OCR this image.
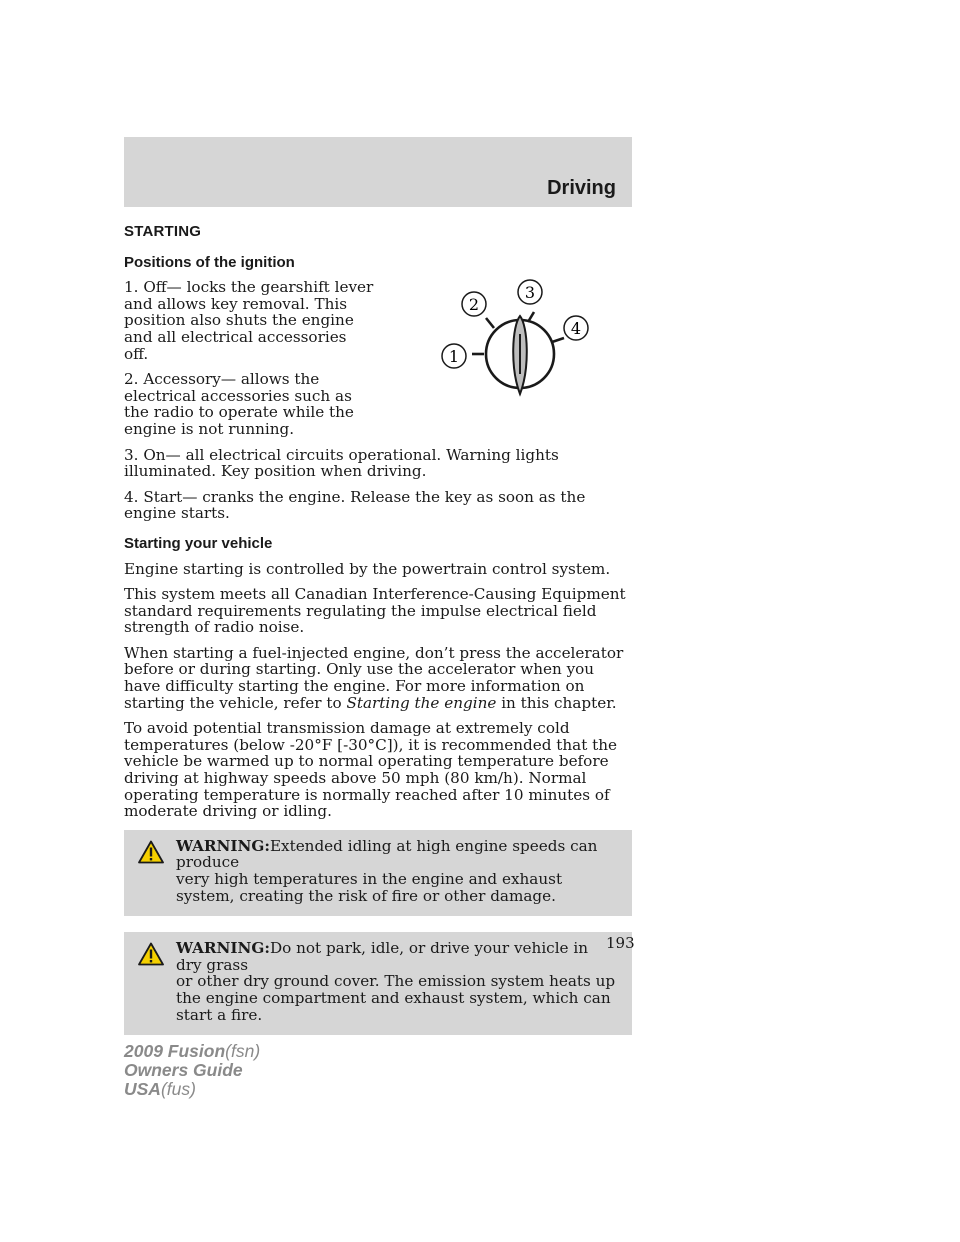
Driving
STARTING
Positions of the ignition

1. Off— locks the gearshift lever and allows key removal. This position also shuts the engine and all electrical accessories off.

2. Accessory— allows the electrical accessories such as the radio to operate while the engine is not running.

3. On— all electrical circuits operational. Warning lights illuminated. Key position when driving.

4. Start— cranks the engine. Release the key as soon as the engine starts.

Starting your vehicle

Engine starting is controlled by the powertrain control system.

This system meets all Canadian Interference-Causing Equipment standard requirements regulating the impulse electrical field strength of radio noise.

When starting a fuel-injected engine, don’t press the accelerator before or during starting. Only use the accelerator when you have difficulty starting the engine. For more information on starting the vehicle, refer to Starting the engine in this chapter.

To avoid potential transmission damage at extremely cold temperatures (below -20°F [-30°C]), it is recommended that the vehicle be warmed up to normal operating temperature before driving at highway speeds above 50 mph (80 km/h). Normal operating temperature is normally reached after 10 minutes of moderate driving or idling.

WARNING:Extended idling at high engine speeds can produce
very high temperatures in the engine and exhaust system, creating the risk of fire or other damage.
WARNING:Do not park, idle, or drive your vehicle in dry grass
or other dry ground cover. The emission system heats up the engine compartment and exhaust system, which can start a fire.
1
2
3
4
193
2009 Fusion(fsn)
Owners Guide
USA(fus)
